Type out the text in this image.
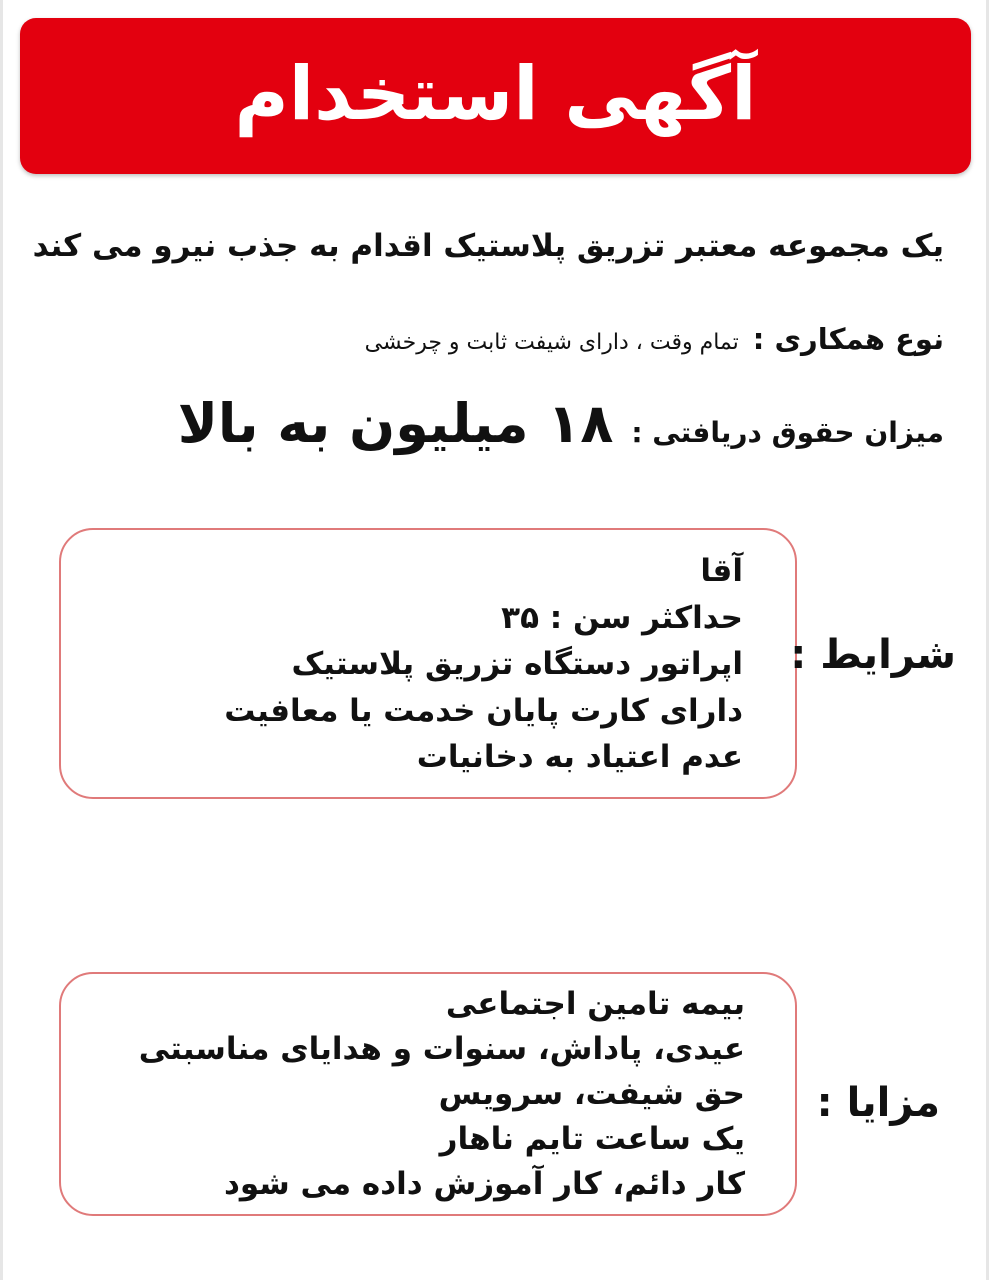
آگهی استخدام
یک مجموعه معتبر تزریق پلاستیک اقدام به جذب نیرو می کند
نوع همکاری :
تمام وقت ، دارای شیفت ثابت و چرخشی
میزان حقوق دریافتی :
۱۸ میلیون به بالا
آقا
حداکثر سن : ۳۵
اپراتور دستگاه تزریق پلاستیک
دارای کارت پایان خدمت یا معافیت
عدم اعتیاد به دخانیات
شرایط :
بیمه تامین اجتماعی
عیدی، پاداش، سنوات و هدایای مناسبتی
حق شیفت، سرویس
یک ساعت تایم ناهار
کار دائم، کار آموزش داده می شود
مزایا :
